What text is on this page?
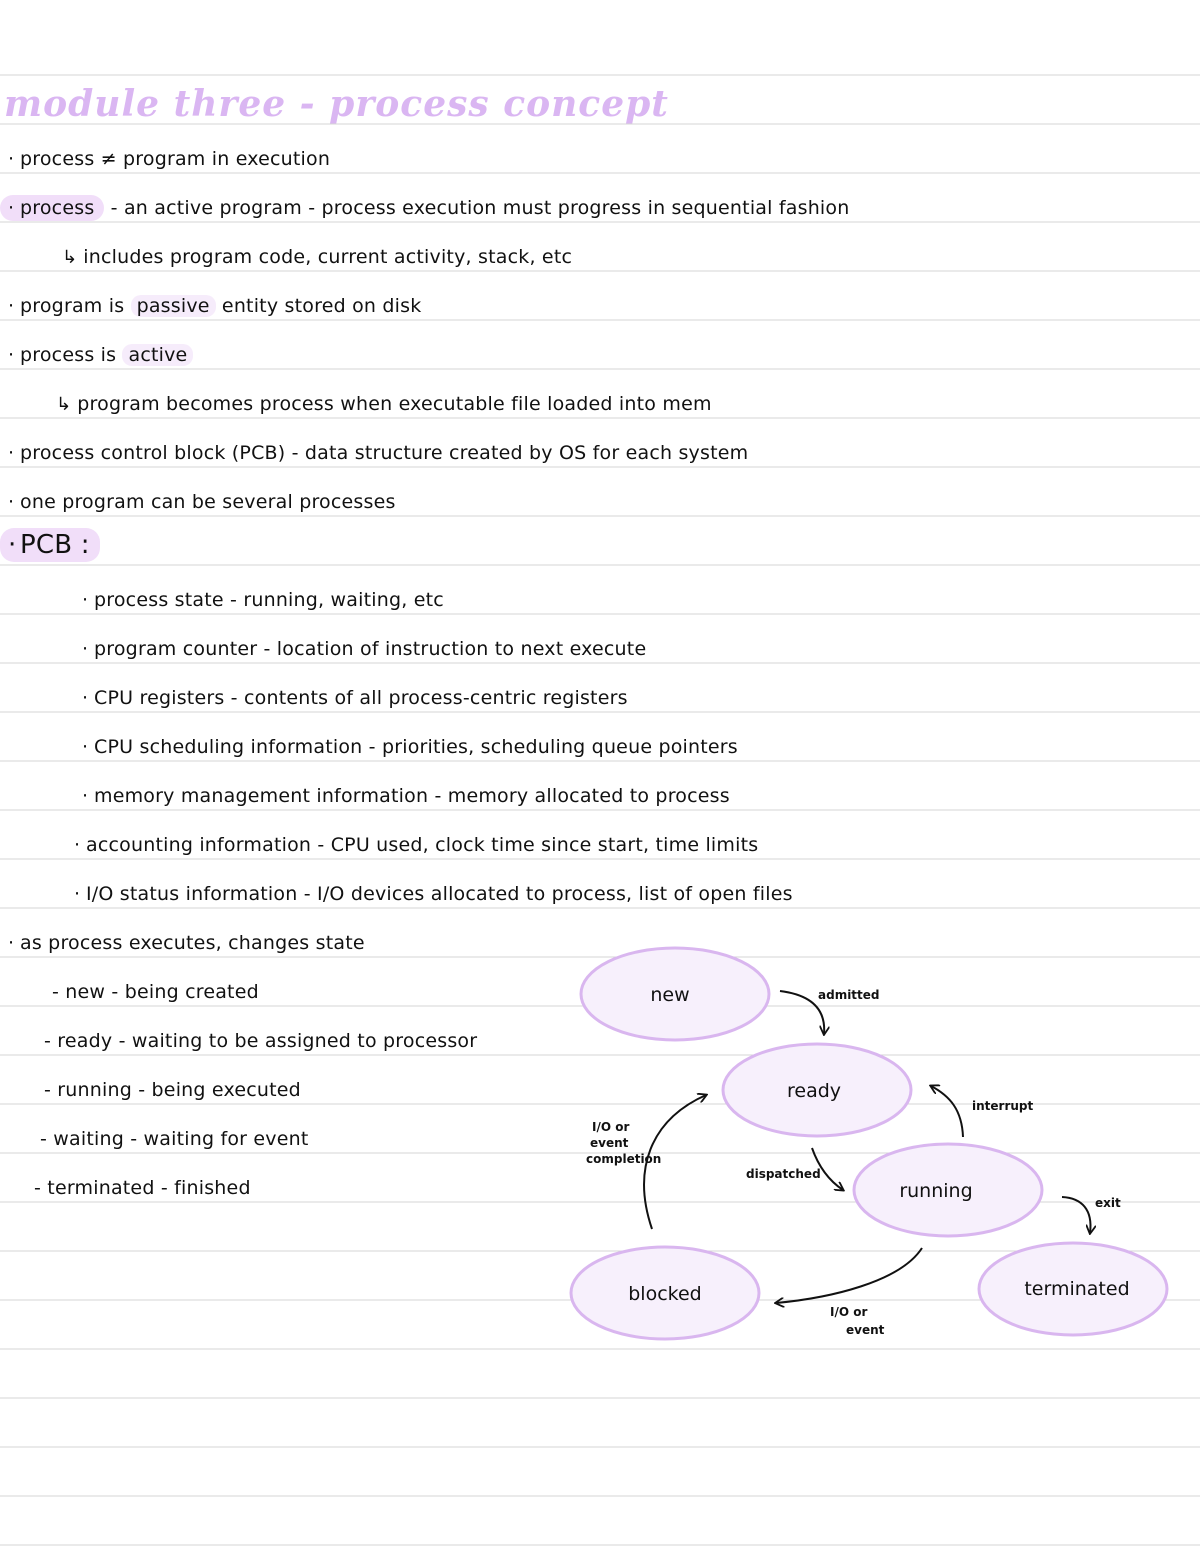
module three - process concept
· process ≠ program in execution
· process - an active program - process execution must progress in sequential fashion
↳ includes program code, current activity, stack, etc
· program is passive entity stored on disk
· process is active
↳ program becomes process when executable file loaded into mem
· process control block (PCB) - data structure created by OS for each system
· one program can be several processes
· PCB :
· process state - running, waiting, etc
· program counter - location of instruction to next execute
· CPU registers - contents of all process-centric registers
· CPU scheduling information - priorities, scheduling queue pointers
· memory management information - memory allocated to process
· accounting information - CPU used, clock time since start, time limits
· I/O status information - I/O devices allocated to process, list of open files
· as process executes, changes state
- new - being created
- ready - waiting to be assigned to processor
- running - being executed
- waiting - waiting for event
- terminated - finished
new
ready
running
blocked	terminated
admitted
dispatched
interrupt
exit
I/O or event
I/O or event completion
